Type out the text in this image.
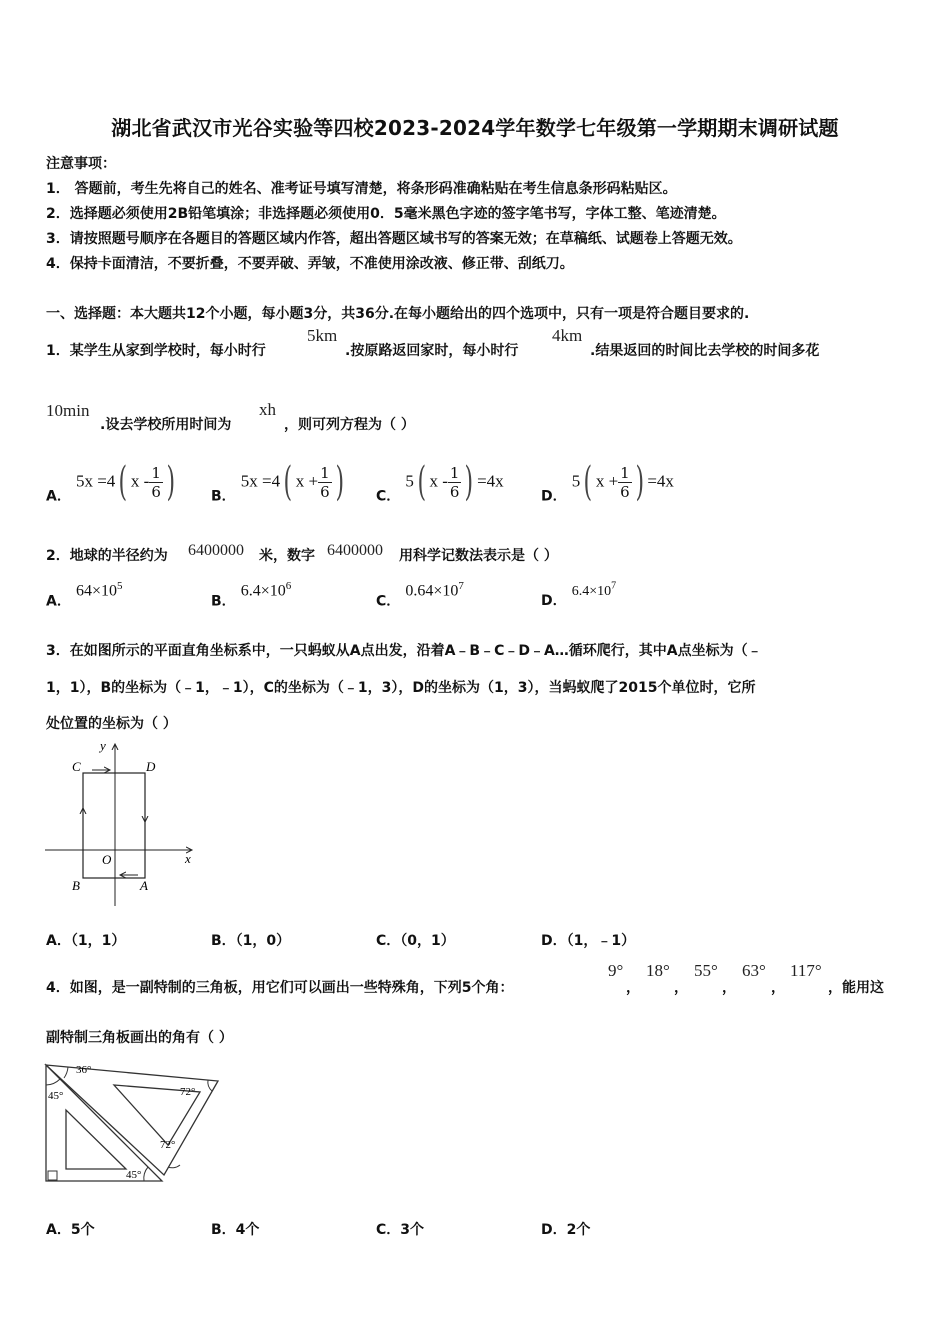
湖北省武汉市光谷实验等四校2023-2024学年数学七年级第一学期期末调研试题
注意事项：
1． 答题前，考生先将自己的姓名、准考证号填写清楚，将条形码准确粘贴在考生信息条形码粘贴区。
2．选择题必须使用2B铅笔填涂；非选择题必须使用0．5毫米黑色字迹的签字笔书写，字体工整、笔迹清楚。
3．请按照题号顺序在各题目的答题区域内作答，超出答题区域书写的答案无效；在草稿纸、试题卷上答题无效。
4．保持卡面清洁，不要折叠，不要弄破、弄皱，不准使用涂改液、修正带、刮纸刀。
一、选择题：本大题共12个小题，每小题3分，共36分.在每小题给出的四个选项中，只有一项是符合题目要求的.
1．某学生从家到学校时，每小时行
5km
.按原路返回家时，每小时行
4km
.结果返回的时间比去学校的时间多花
10min
.设去学校所用时间为
xh
，则可列方程为（ ）
A． 5x =4( x - $\frac{1}{6}$ )	B． 5x =4( $x + \frac{1}{6}$ ) C． 5( x - $\frac{1}{6}$ ) =4x
D． 5( $x + \frac{1}{6}$ ) =4x
2．地球的半径约为 6400000 米，数字 6400000 用科学记数法表示是（ ）
A． $64\times 10^5$
B． $6.4\times 10^6$
C． $0.64\times 10^7$
D． $6.4\times 10^7$
3．在如图所示的平面直角坐标系中，一只蚂蚁从A点出发，沿着A﹣B﹣C﹣D﹣A…循环爬行，其中A点坐标为（﹣
1，1），B的坐标为（﹣1，﹣1），C的坐标为（﹣1，3），D的坐标为（1，3），当蚂蚁爬了2015个单位时，它所
处位置的坐标为（ ）
y
x
O
A
B
C	D
A．（1，1）	B．（1，0）	C．（0，1）	D．（1，﹣1）
4．如图，是一副特制的三角板，用它们可以画出一些特殊角，下列5个角：
9°
，
18°
，
55°
，
63°
，
117°
，能用这
副特制三角板画出的角有（ ）
36°
45°	72°
72°
45°
A．5个	B．4个	C．3个	D．2个
